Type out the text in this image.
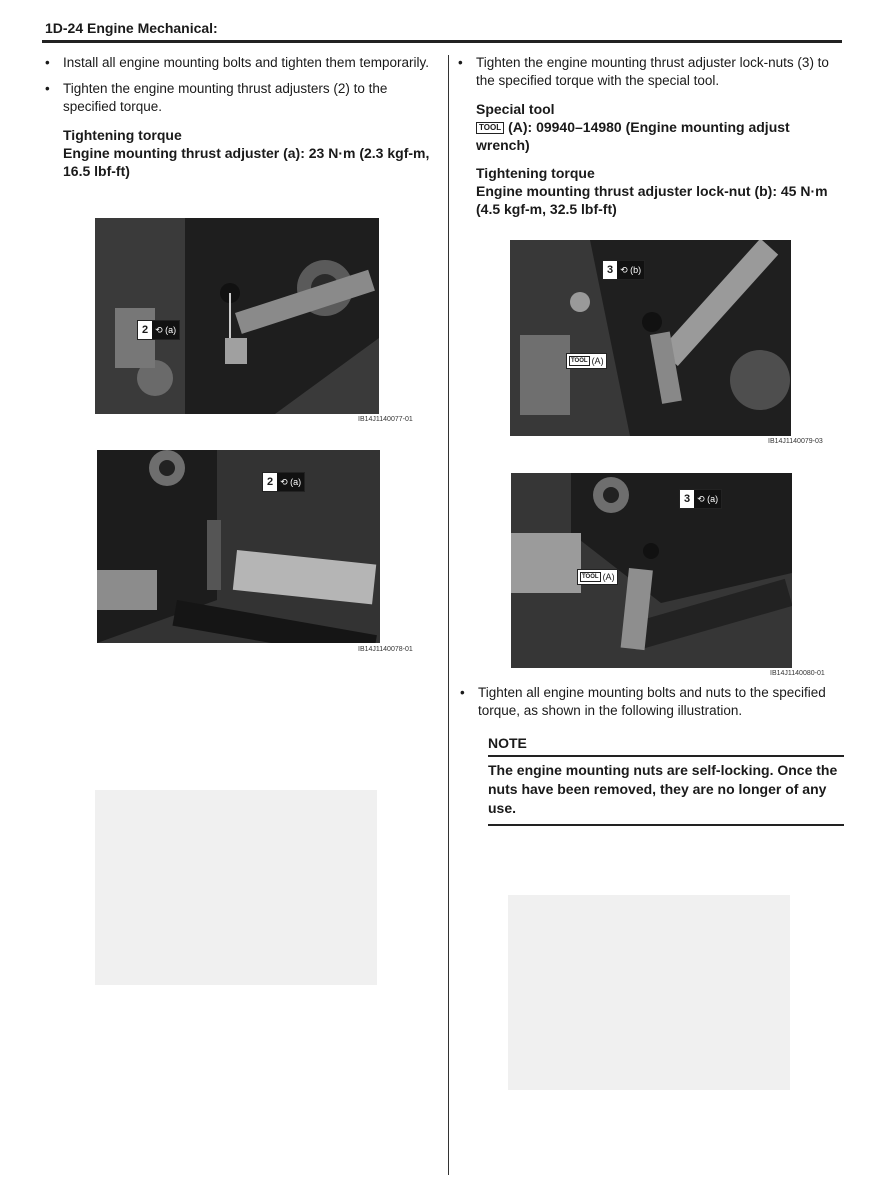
1D-24 Engine Mechanical:
• Install all engine mounting bolts and tighten them temporarily.
• Tighten the engine mounting thrust adjusters (2) to the specified torque.
Tightening torque
Engine mounting thrust adjuster (a): 23 N·m (2.3 kgf-m, 16.5 lbf-ft)
2 ⟲ (a)
IB14J1140077-01
2 ⟲ (a)
IB14J1140078-01
• Tighten the engine mounting thrust adjuster lock-nuts (3) to the specified torque with the special tool.
Special tool
TOOL (A): 09940–14980 (Engine mounting adjust wrench)
Tightening torque
Engine mounting thrust adjuster lock-nut (b): 45 N·m (4.5 kgf-m, 32.5 lbf-ft)
3 ⟲ (b)
TOOL (A)
IB14J1140079-03
3 ⟲ (a)
TOOL (A)
IB14J1140080-01
• Tighten all engine mounting bolts and nuts to the specified torque, as shown in the following illustration.
NOTE
The engine mounting nuts are self-locking. Once the nuts have been removed, they are no longer of any use.
